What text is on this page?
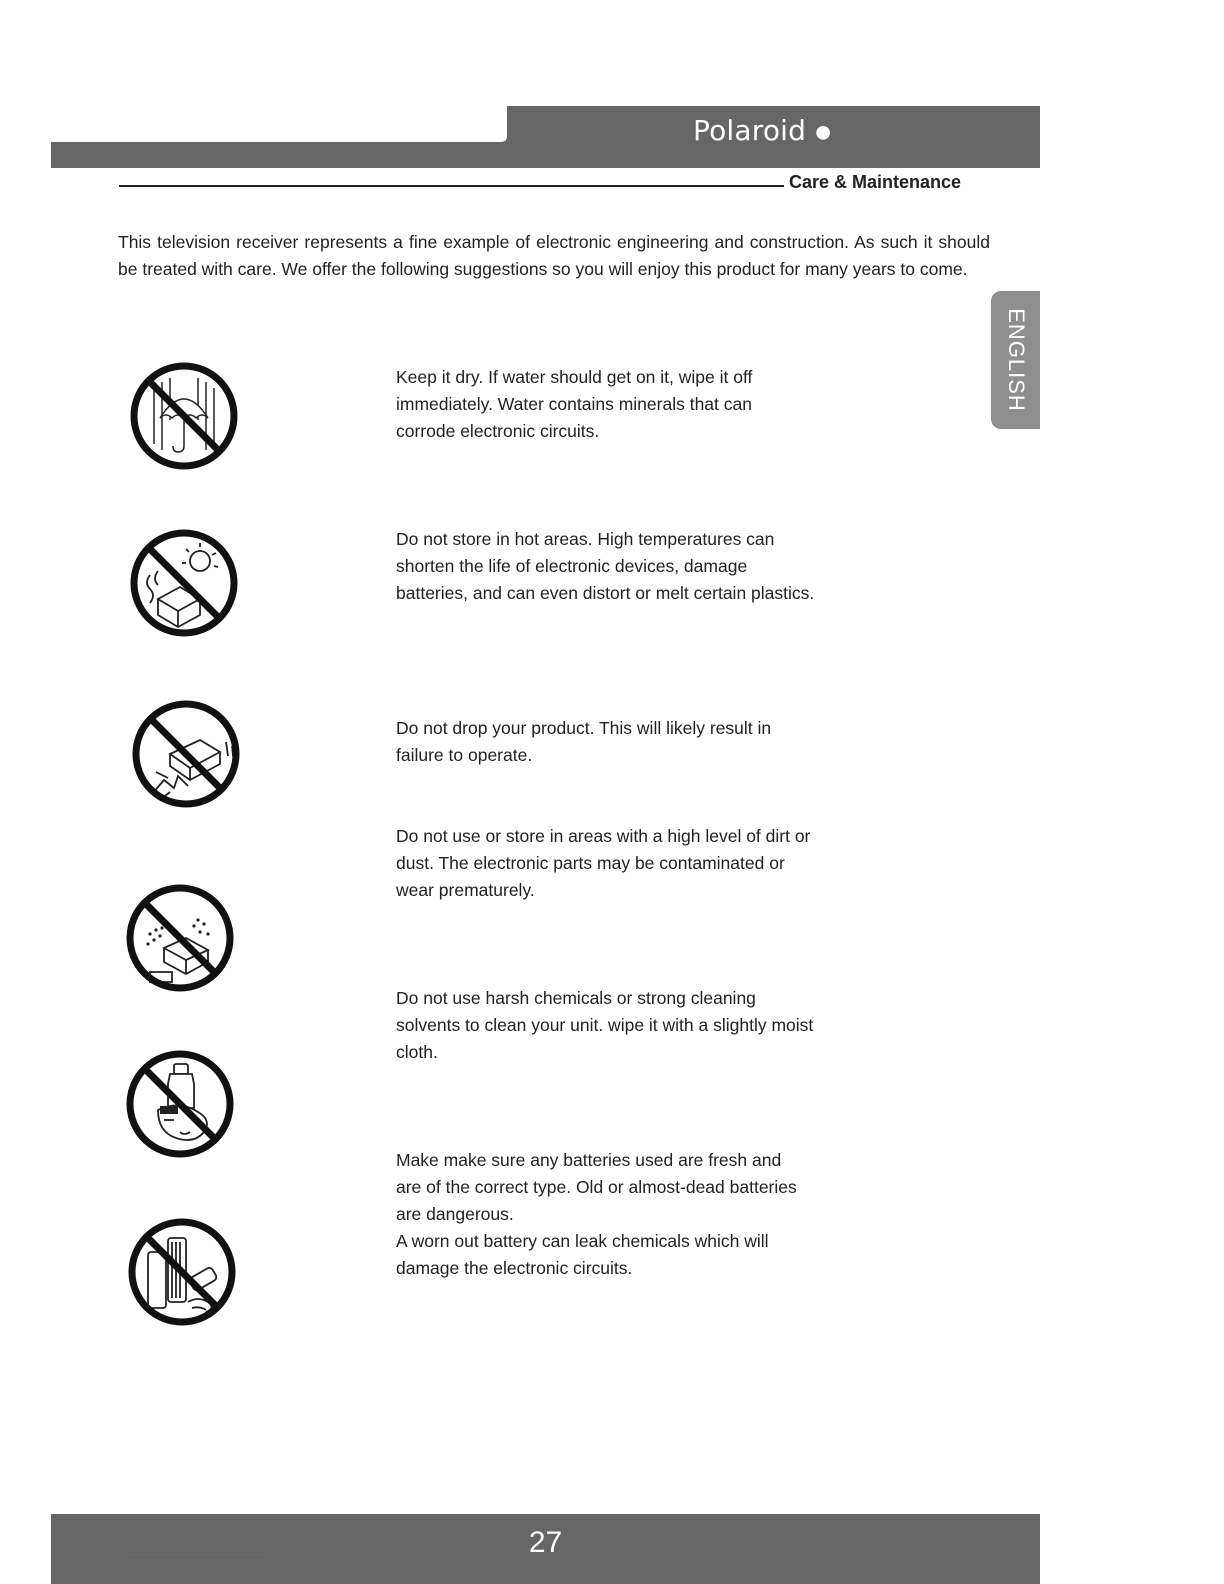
Polaroid ●
Care & Maintenance

This television receiver represents a fine example of electronic engineering and construction. As such it should be treated with care. We offer the following suggestions so you will enjoy this product for many years to come.

ENGLISH

Keep it dry. If water should get on it, wipe it off
immediately. Water contains minerals that can
corrode electronic circuits.

Do not store in hot areas. High temperatures can
shorten the life of electronic devices, damage
batteries, and can even distort or melt certain plastics.

Do not drop your product. This will likely result in
failure to operate.

Do not use or store in areas with a high level of dirt or
dust. The electronic parts may be contaminated or
wear prematurely.

Do not use harsh chemicals or strong cleaning
solvents to clean your unit. wipe it with a slightly moist
cloth.

Make make sure any batteries used are fresh and
are of the correct type. Old or almost-dead batteries
are dangerous.
A worn out battery can leak chemicals which will
damage the electronic circuits.

27
